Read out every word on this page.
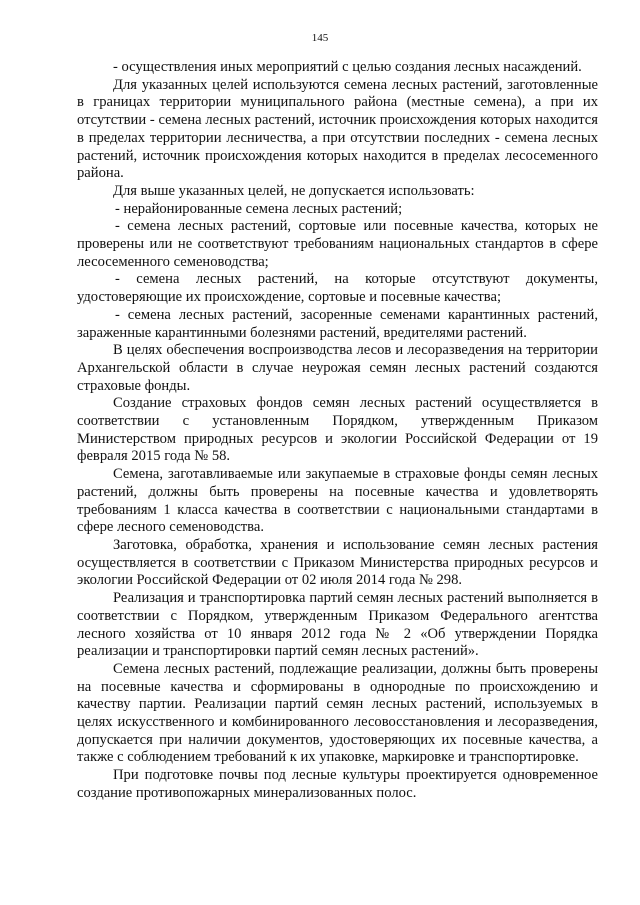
145

- осуществления иных мероприятий с целью создания лесных насаждений.

Для указанных целей используются семена лесных растений, заготовленные в границах территории муниципального района (местные семена), а при их отсутствии - семена лесных растений, источник происхождения которых находится в пределах территории лесничества, а при отсутствии последних - семена лесных растений, источник происхождения которых находится в пределах лесосеменного района.

Для выше указанных целей, не допускается использовать:

- нерайонированные семена лесных растений;

- семена лесных растений, сортовые или посевные качества, которых не проверены или не соответствуют требованиям национальных стандартов в сфере лесосеменного семеноводства;

- семена лесных растений, на которые отсутствуют документы, удостоверяющие их происхождение, сортовые и посевные качества;

- семена лесных растений, засоренные семенами карантинных растений, зараженные карантинными болезнями растений, вредителями растений.

В целях обеспечения воспроизводства лесов и лесоразведения на территории Архангельской области в случае неурожая семян лесных растений создаются страховые фонды.

Создание страховых фондов семян лесных растений осуществляется в соответствии с установленным Порядком, утвержденным Приказом Министерством природных ресурсов и экологии Российской Федерации от 19 февраля 2015 года № 58.

Семена, заготавливаемые или закупаемые в страховые фонды семян лесных растений, должны быть проверены на посевные качества и удовлетворять требованиям 1 класса качества в соответствии с национальными стандартами в сфере лесного семеноводства.

Заготовка, обработка, хранения и использование семян лесных растения осуществляется в соответствии с Приказом Министерства природных ресурсов и экологии Российской Федерации от 02 июля 2014 года № 298.

Реализация и транспортировка партий семян лесных растений выполняется в соответствии с Порядком, утвержденным Приказом Федерального агентства лесного хозяйства от 10 января 2012 года № 2 «Об утверждении Порядка реализации и транспортировки партий семян лесных растений».

Семена лесных растений, подлежащие реализации, должны быть проверены на посевные качества и сформированы в однородные по происхождению и качеству партии. Реализации партий семян лесных растений, используемых в целях искусственного и комбинированного лесовосстановления и лесоразведения, допускается при наличии документов, удостоверяющих их посевные качества, а также с соблюдением требований к их упаковке, маркировке и транспортировке.

При подготовке почвы под лесные культуры проектируется одновременное создание противопожарных минерализованных полос.
